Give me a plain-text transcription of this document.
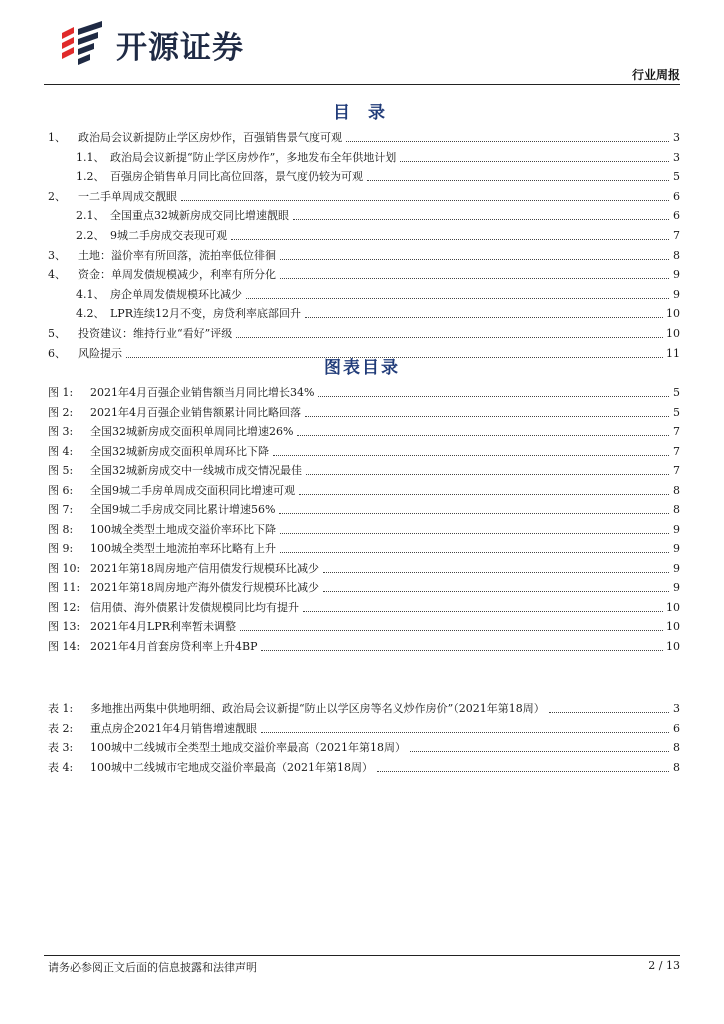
开源证券
行业周报
目 录
1、	政治局会议新提防止学区房炒作，百强销售景气度可观	3
1.1、 政治局会议新提“防止学区房炒作”，多地发布全年供地计划	3
1.2、 百强房企销售单月同比高位回落，景气度仍较为可观	5
2、	一二手单周成交靓眼	6
2.1、 全国重点32城新房成交同比增速靓眼	6
2.2、 9城二手房成交表现可观	7
3、	土地：溢价率有所回落，流拍率低位徘徊	8
4、	资金：单周发债规模减少，利率有所分化	9
4.1、 房企单周发债规模环比减少	9
4.2、 LPR连续12月不变，房贷利率底部回升	10
5、	投资建议：维持行业“看好”评级	10
6、	风险提示	11
图表目录
图 1:	2021年4月百强企业销售额当月同比增长34%	5
图 2:	2021年4月百强企业销售额累计同比略回落	5
图 3:	全国32城新房成交面积单周同比增速26%	7
图 4:	全国32城新房成交面积单周环比下降	7
图 5:	全国32城新房成交中一线城市成交情况最佳	7
图 6:	全国9城二手房单周成交面积同比增速可观	8
图 7:	全国9城二手房成交同比累计增速56%	8
图 8:	100城全类型土地成交溢价率环比下降	9
图 9:	100城全类型土地流拍率环比略有上升	9
图 10: 2021年第18周房地产信用债发行规模环比减少	9
图 11: 2021年第18周房地产海外债发行规模环比减少	9
图 12: 信用债、海外债累计发债规模同比均有提升	10
图 13: 2021年4月LPR利率暂未调整	10
图 14: 2021年4月首套房贷利率上升4BP	10
表 1:	多地推出两集中供地明细、政治局会议新提“防止以学区房等名义炒作房价”（2021年第18周）	3
表 2:	重点房企2021年4月销售增速靓眼	6
表 3:	100城中二线城市全类型土地成交溢价率最高（2021年第18周）	8
表 4:	100城中二线城市宅地成交溢价率最高（2021年第18周）	8
请务必参阅正文后面的信息披露和法律声明	2 / 13
